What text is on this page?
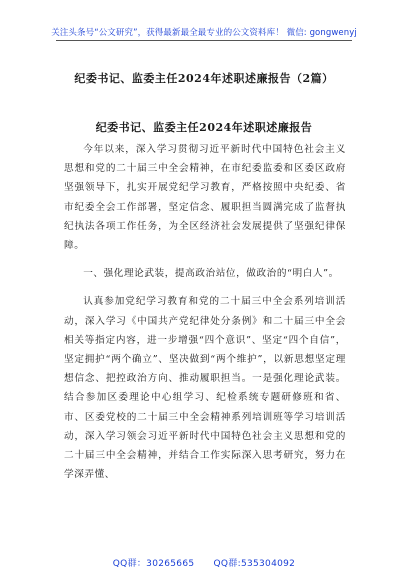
关注头条号“公文研究”，获得最新最全最专业的公文资料库！ 微信: gongwenyj
纪委书记、监委主任2024年述职述廉报告（2篇）
纪委书记、监委主任2024年述职述廉报告

今年以来，深入学习贯彻习近平新时代中国特色社会主义思想和党的二十届三中全会精神，在市纪委监委和区委区政府坚强领导下，扎实开展党纪学习教育，严格按照中央纪委、省市纪委全会工作部署，坚定信念、履职担当圆满完成了监督执纪执法各项工作任务，为全区经济社会发展提供了坚强纪律保障。

一、强化理论武装，提高政治站位，做政治的“明白人”。

认真参加党纪学习教育和党的二十届三中全会系列培训活动，深入学习《中国共产党纪律处分条例》和二十届三中全会相关等指定内容，进一步增强“四个意识”、坚定“四个自信”，坚定拥护“两个确立”、坚决做到“两个维护”，以新思想坚定理想信念、把控政治方向、推动履职担当。一是强化理论武装。结合参加区委理论中心组学习、纪检系统专题研修班和省、市、区委党校的二十届三中全会精神系列培训班等学习培训活动，深入学习领会习近平新时代中国特色社会主义思想和党的二十届三中全会精神，并结合工作实际深入思考研究，努力在学深弄懂、

QQ群：30265665 QQ群:535304092
